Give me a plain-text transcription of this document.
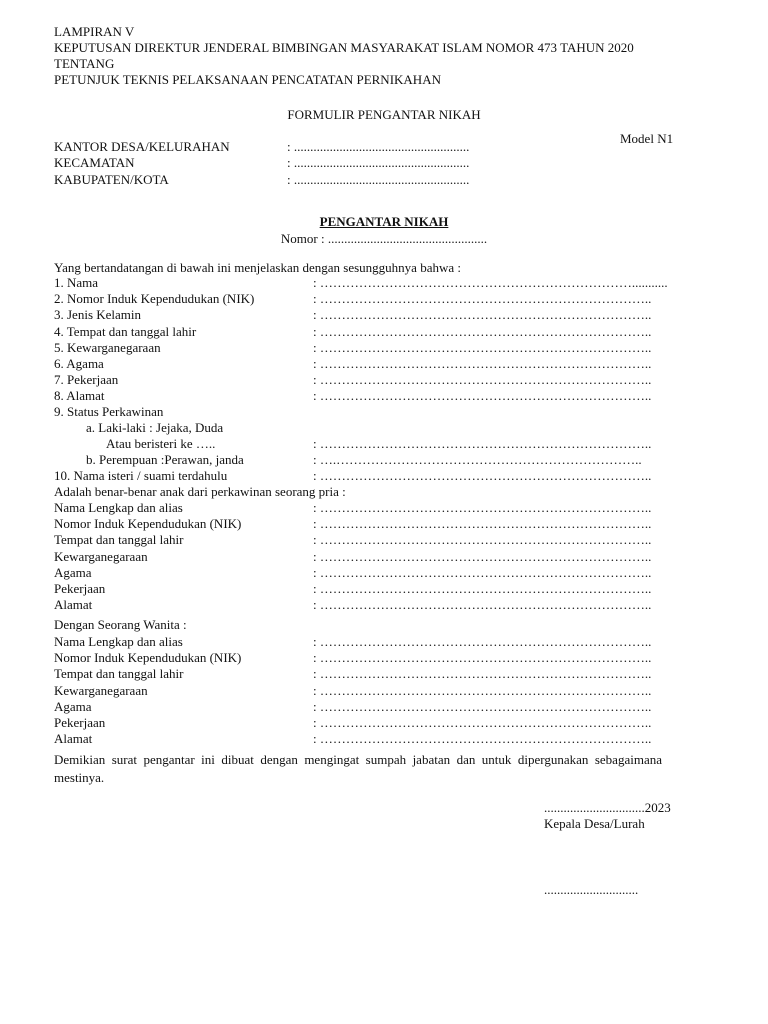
LAMPIRAN V
KEPUTUSAN DIREKTUR JENDERAL BIMBINGAN MASYARAKAT ISLAM NOMOR 473 TAHUN 2020
TENTANG
PETUNJUK TEKNIS PELAKSANAAN PENCATATAN PERNIKAHAN
FORMULIR PENGANTAR NIKAH
Model N1
KANTOR DESA/KELURAHAN	: ......................................................
KECAMATAN	: ......................................................
KABUPATEN/KOTA	: ......................................................
PENGANTAR NIKAH
Nomor : .................................................
Yang bertandatangan di bawah ini menjelaskan dengan sesungguhnya bahwa :
1. Nama	: ………………………………………………………………...........
2. Nomor Induk Kependudukan (NIK)	: …………………………………………………………………..
3. Jenis Kelamin	: …………………………………………………………………..
4. Tempat dan tanggal lahir	: …………………………………………………………………..
5. Kewarganegaraan	: …………………………………………………………………..
6. Agama	: …………………………………………………………………..
7. Pekerjaan	: …………………………………………………………………..
8. Alamat	: …………………………………………………………………..
9. Status Perkawinan
a. Laki-laki : Jejaka, Duda
Atau beristeri ke …..	: …………………………………………………………………..
b. Perempuan :Perawan, janda	: ….……………………………………………………………..
10. Nama isteri / suami terdahulu	: …………………………………………………………………..
Adalah benar-benar anak dari perkawinan seorang pria :
Nama Lengkap dan alias	: …………………………………………………………………..
Nomor Induk Kependudukan (NIK)	: …………………………………………………………………..
Tempat dan tanggal lahir	: …………………………………………………………………..
Kewarganegaraan	: …………………………………………………………………..
Agama	: …………………………………………………………………..
Pekerjaan	: …………………………………………………………………..
Alamat	: …………………………………………………………………..
Dengan Seorang Wanita :
Nama Lengkap dan alias	: …………………………………………………………………..
Nomor Induk Kependudukan (NIK)	: …………………………………………………………………..
Tempat dan tanggal lahir	: …………………………………………………………………..
Kewarganegaraan	: …………………………………………………………………..
Agama	: …………………………………………………………………..
Pekerjaan	: …………………………………………………………………..
Alamat	: …………………………………………………………………..
Demikian surat pengantar ini dibuat dengan mengingat sumpah jabatan dan untuk dipergunakan sebagaimana mestinya.
...............................2023
Kepala Desa/Lurah
.............................
